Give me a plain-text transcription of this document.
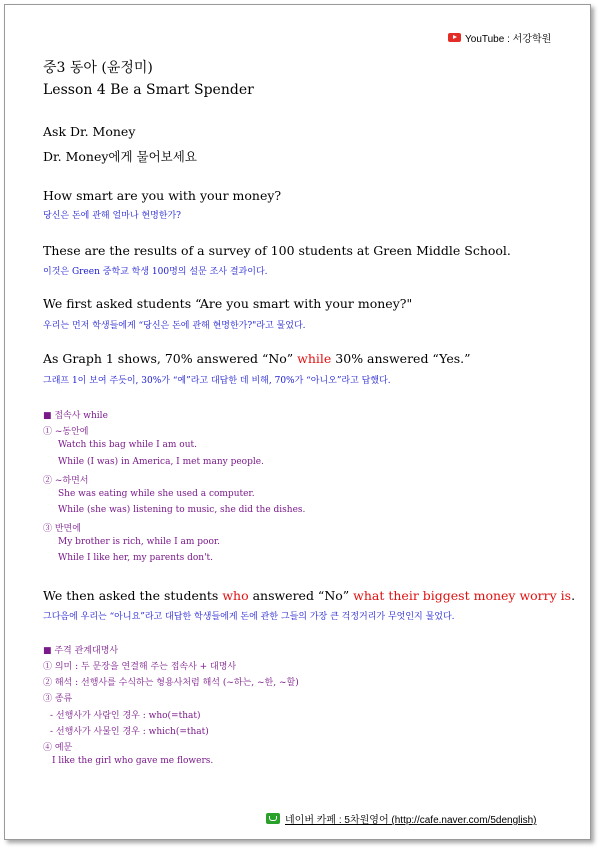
YouTube : 서강학원
중3 동아 (윤정미)
Lesson 4 Be a Smart Spender
Ask Dr. Money
Dr. Money에게 물어보세요
How smart are you with your money?
당신은 돈에 관해 얼마나 현명한가?
These are the results of a survey of 100 students at Green Middle School.
이것은 Green 중학교 학생 100명의 설문 조사 결과이다.
We first asked students “Are you smart with your money?"
우리는 먼저 학생들에게 “당신은 돈에 관해 현명한가?"라고 물었다.
As Graph 1 shows, 70% answered “No” while 30% answered “Yes.”
그래프 1이 보여 주듯이, 30%가 “예”라고 대답한 데 비해, 70%가 “아니오”라고 답했다.
■ 접속사 while
① ~동안에
Watch this bag while I am out.
While (I was) in America, I met many people.
② ~하면서
She was eating while she used a computer.
While (she was) listening to music, she did the dishes.
③ 반면에
My brother is rich, while I am poor.
While I like her, my parents don't.
We then asked the students who answered “No” what their biggest money worry is.
그다음에 우리는 “아니요”라고 대답한 학생들에게 돈에 관한 그들의 가장 큰 걱정거리가 무엇인지 물었다.
■ 주격 관계대명사
① 의미 : 두 문장을 연결해 주는 접속사 + 대명사
② 해석 : 선행사를 수식하는 형용사처럼 해석 (~하는, ~한, ~할)
③ 종류
- 선행사가 사람인 경우 : who(=that)
- 선행사가 사물인 경우 : which(=that)
④ 예문
I like the girl who gave me flowers.
네이버 카페 : 5차원영어 (http://cafe.naver.com/5denglish)
